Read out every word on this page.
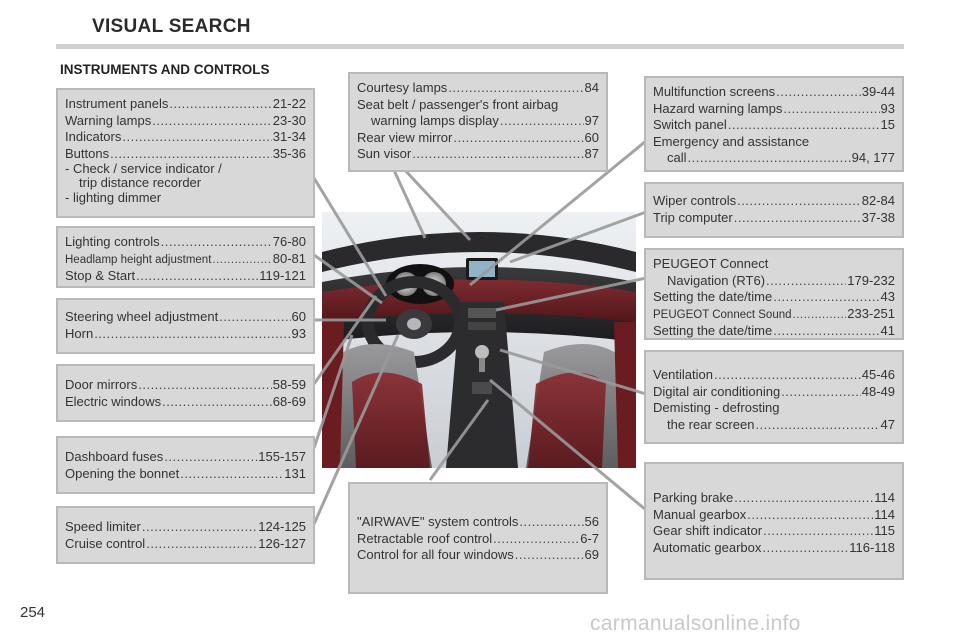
VISUAL SEARCH
INSTRUMENTS AND CONTROLS
Instrument panels .....	21-22
Warning lamps .....	23-30
Indicators .....	31-34
Buttons .....	35-36
- Check / service indicator /
trip distance recorder
- lighting dimmer
Lighting controls .....	76-80
Headlamp height adjustment .....	80-81
Stop & Start .....	119-121
Steering wheel adjustment .....	60
Horn .....	93
Door mirrors .....	58-59
Electric windows .....	68-69
Dashboard fuses .....	155-157
Opening the bonnet .....	131
Speed limiter .....	124-125
Cruise control .....	126-127
Courtesy lamps .....	84
Seat belt / passenger's front airbag
warning lamps display .....	97
Rear view mirror .....	60
Sun visor .....	87
"AIRWAVE" system controls .....	56
Retractable roof control .....	6-7
Control for all four windows .....	69
Multifunction screens .....	39-44
Hazard warning lamps .....	93
Switch panel .....	15
Emergency and assistance
call .....	94, 177
Wiper controls .....	82-84
Trip computer .....	37-38
PEUGEOT Connect
Navigation (RT6) .....	179-232
Setting the date/time .....	43
PEUGEOT Connect Sound .....	233-251
Setting the date/time .....	41
Ventilation .....	45-46
Digital air conditioning .....	48-49
Demisting - defrosting
the rear screen .....	47
Parking brake .....	114
Manual gearbox .....	114
Gear shift indicator .....	115
Automatic gearbox .....	116-118
254	carmanualsonline.info
